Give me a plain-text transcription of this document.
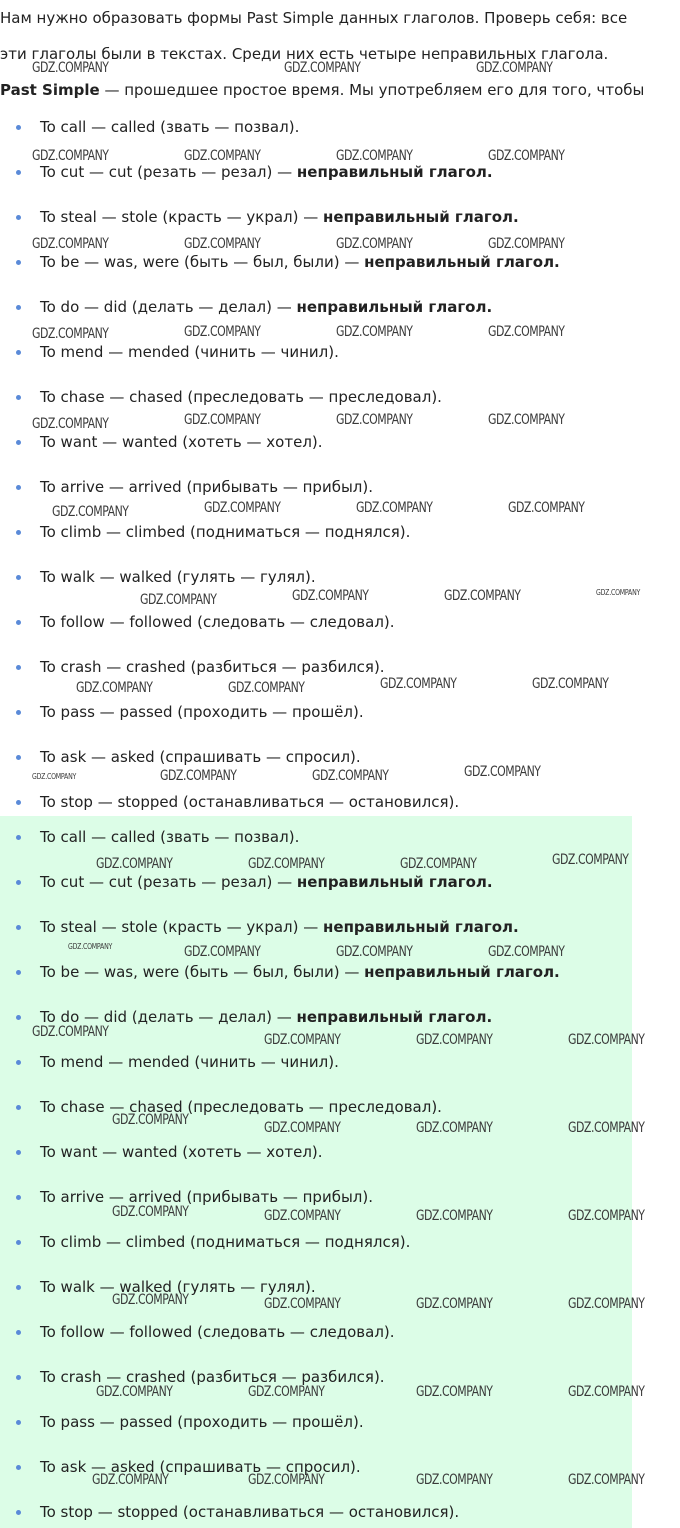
Нам нужно образовать формы Past Simple данных глаголов. Проверь себя: все
эти глаголы были в текстах. Среди них есть четыре неправильных глагола.
Past Simple — прошедшее простое время. Мы употребляем его для того, чтобы
To call — called (звать — позвал).
To cut — cut (резать — резал) — неправильный глагол.
To steal — stole (красть — украл) — неправильный глагол.
To be — was, were (быть — был, были) — неправильный глагол.
To do — did (делать — делал) — неправильный глагол.
To mend — mended (чинить — чинил).
To chase — chased (преследовать — преследовал).
To want — wanted (хотеть — хотел).
To arrive — arrived (прибывать — прибыл).
To climb — climbed (подниматься — поднялся).
To walk — walked (гулять — гулял).
To follow — followed (следовать — следовал).
To crash — crashed (разбиться — разбился).
To pass — passed (проходить — прошёл).
To ask — asked (спрашивать — спросил).
To stop — stopped (останавливаться — остановился).
To call — called (звать — позвал).
To cut — cut (резать — резал) — неправильный глагол.
To steal — stole (красть — украл) — неправильный глагол.
To be — was, were (быть — был, были) — неправильный глагол.
To do — did (делать — делал) — неправильный глагол.
To mend — mended (чинить — чинил).
To chase — chased (преследовать — преследовал).
To want — wanted (хотеть — хотел).
To arrive — arrived (прибывать — прибыл).
To climb — climbed (подниматься — поднялся).
To walk — walked (гулять — гулял).
To follow — followed (следовать — следовал).
To crash — crashed (разбиться — разбился).
To pass — passed (проходить — прошёл).
To ask — asked (спрашивать — спросил).
To stop — stopped (останавливаться — остановился).
GDZ.COMPANY	GDZ.COMPANY	GDZ.COMPANY
GDZ.COMPANY	GDZ.COMPANY	GDZ.COMPANY	GDZ.COMPANY
GDZ.COMPANY	GDZ.COMPANY	GDZ.COMPANY	GDZ.COMPANY
GDZ.COMPANY	GDZ.COMPANY	GDZ.COMPANY	GDZ.COMPANY
GDZ.COMPANY	GDZ.COMPANY	GDZ.COMPANY	GDZ.COMPANY
GDZ.COMPANY	GDZ.COMPANY	GDZ.COMPANY	GDZ.COMPANY
GDZ.COMPANY	GDZ.COMPANY	GDZ.COMPANY
GDZ.COMPANY	GDZ.COMPANY	GDZ.COMPANY	GDZ.COMPANY
GDZ.COMPANY	GDZ.COMPANY	GDZ.COMPANY
GDZ.COMPANY	GDZ.COMPANY	GDZ.COMPANY	GDZ.COMPANY
GDZ.COMPANY	GDZ.COMPANY	GDZ.COMPANY
GDZ.COMPANY	GDZ.COMPANY	GDZ.COMPANY	GDZ.COMPANY
GDZ.COMPANY	GDZ.COMPANY	GDZ.COMPANY	GDZ.COMPANY
GDZ.COMPANY	GDZ.COMPANY	GDZ.COMPANY	GDZ.COMPANY
GDZ.COMPANY	GDZ.COMPANY	GDZ.COMPANY	GDZ.COMPANY
GDZ.COMPANY	GDZ.COMPANY	GDZ.COMPANY	GDZ.COMPANY
GDZ.COMPANY	GDZ.COMPANY	GDZ.COMPANY	GDZ.COMPANY
GDZ.COMPANY
GDZ.COMPANY
GDZ.COMPANY
